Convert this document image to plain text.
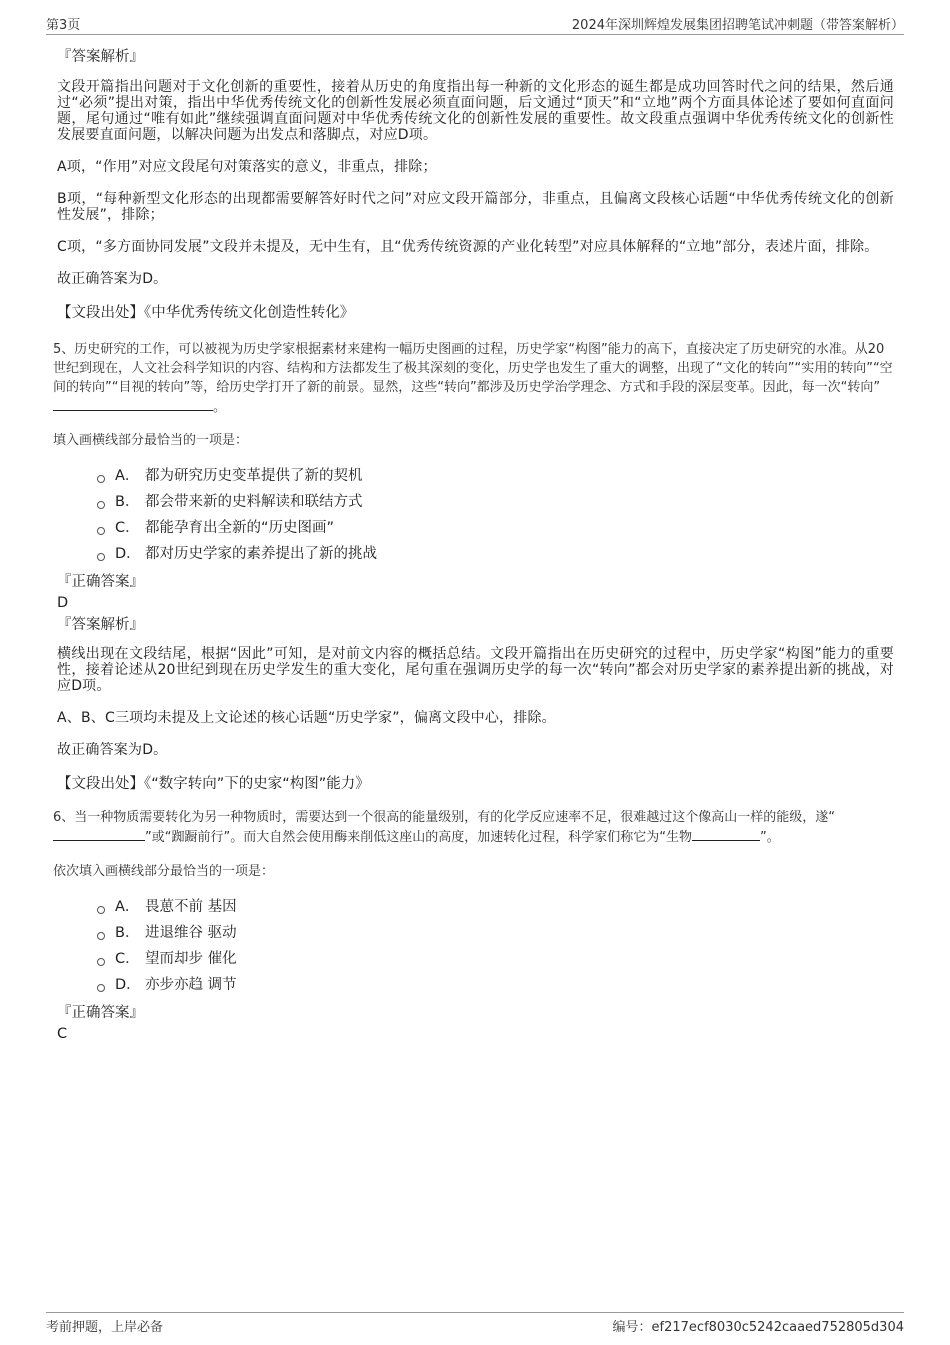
第3页	2024年深圳辉煌发展集团招聘笔试冲刺题（带答案解析）

『答案解析』

文段开篇指出问题对于文化创新的重要性，接着从历史的角度指出每一种新的文化形态的诞生都是成功回答时代之问的结果，然后通过“必须”提出对策，指出中华优秀传统文化的创新性发展必须直面问题，后文通过“顶天”和“立地”两个方面具体论述了要如何直面问题，尾句通过“唯有如此”继续强调直面问题对中华优秀传统文化的创新性发展的重要性。故文段重点强调中华优秀传统文化的创新性发展要直面问题，以解决问题为出发点和落脚点，对应D项。

A项，“作用”对应文段尾句对策落实的意义，非重点，排除；

B项，“每种新型文化形态的出现都需要解答好时代之问”对应文段开篇部分，非重点，且偏离文段核心话题“中华优秀传统文化的创新性发展”，排除；

C项，“多方面协同发展”文段并未提及，无中生有，且“优秀传统资源的产业化转型”对应具体解释的“立地”部分，表述片面，排除。

故正确答案为D。

【文段出处】《中华优秀传统文化创造性转化》

5、历史研究的工作，可以被视为历史学家根据素材来建构一幅历史图画的过程，历史学家“构图”能力的高下，直接决定了历史研究的水准。从20世纪到现在，人文社会科学知识的内容、结构和方法都发生了极其深刻的变化，历史学也发生了重大的调整，出现了“文化的转向”“实用的转向”“空间的转向”“目视的转向”等，给历史学打开了新的前景。显然，这些“转向”都涉及历史学治学理念、方式和手段的深层变革。因此，每一次“转向”。

填入画横线部分最恰当的一项是：

A． 都为研究历史变革提供了新的契机
B． 都会带来新的史料解读和联结方式
C． 都能孕育出全新的“历史图画”
D． 都对历史学家的素养提出了新的挑战

『正确答案』

D

『答案解析』

横线出现在文段结尾，根据“因此”可知，是对前文内容的概括总结。文段开篇指出在历史研究的过程中，历史学家“构图”能力的重要性，接着论述从20世纪到现在历史学发生的重大变化，尾句重在强调历史学的每一次“转向”都会对历史学家的素养提出新的挑战，对应D项。

A、B、C三项均未提及上文论述的核心话题“历史学家”，偏离文段中心，排除。

故正确答案为D。

【文段出处】《“数字转向”下的史家“构图”能力》

6、当一种物质需要转化为另一种物质时，需要达到一个很高的能量级别，有的化学反应速率不足，很难越过这个像高山一样的能级，遂“”或“踟蹰前行”。而大自然会使用酶来削低这座山的高度，加速转化过程，科学家们称它为“生物	”。

依次填入画横线部分最恰当的一项是：

A． 畏葸不前 基因
B． 进退维谷 驱动
C． 望而却步 催化
D． 亦步亦趋 调节

『正确答案』

C

考前押题，上岸必备	编号：ef217ecf8030c5242caaed752805d304
